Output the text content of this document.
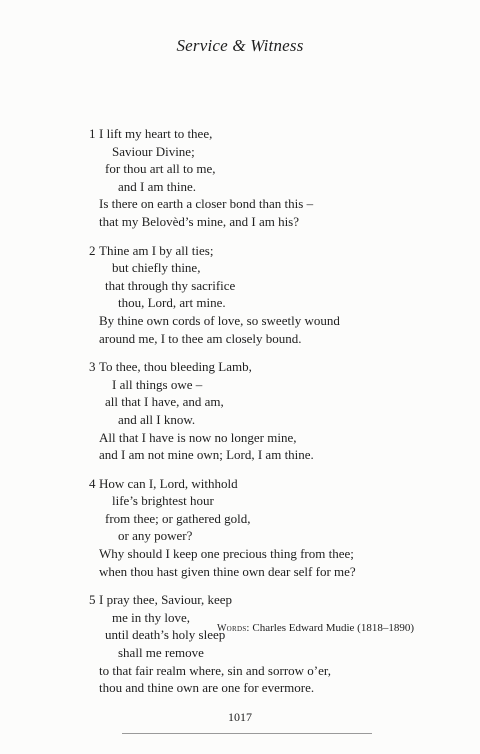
Service & Witness
1 I lift my heart to thee,
Saviour Divine;
for thou art all to me,
and I am thine.
Is there on earth a closer bond than this –
that my Belovèd’s mine, and I am his?
2 Thine am I by all ties;
but chiefly thine,
that through thy sacrifice
thou, Lord, art mine.
By thine own cords of love, so sweetly wound
around me, I to thee am closely bound.
3 To thee, thou bleeding Lamb,
I all things owe –
all that I have, and am,
and all I know.
All that I have is now no longer mine,
and I am not mine own; Lord, I am thine.
4 How can I, Lord, withhold
life’s brightest hour
from thee; or gathered gold,
or any power?
Why should I keep one precious thing from thee;
when thou hast given thine own dear self for me?
5 I pray thee, Saviour, keep
me in thy love,
until death’s holy sleep
shall me remove
to that fair realm where, sin and sorrow o’er,
thou and thine own are one for evermore.
Words: Charles Edward Mudie (1818–1890)
1017
